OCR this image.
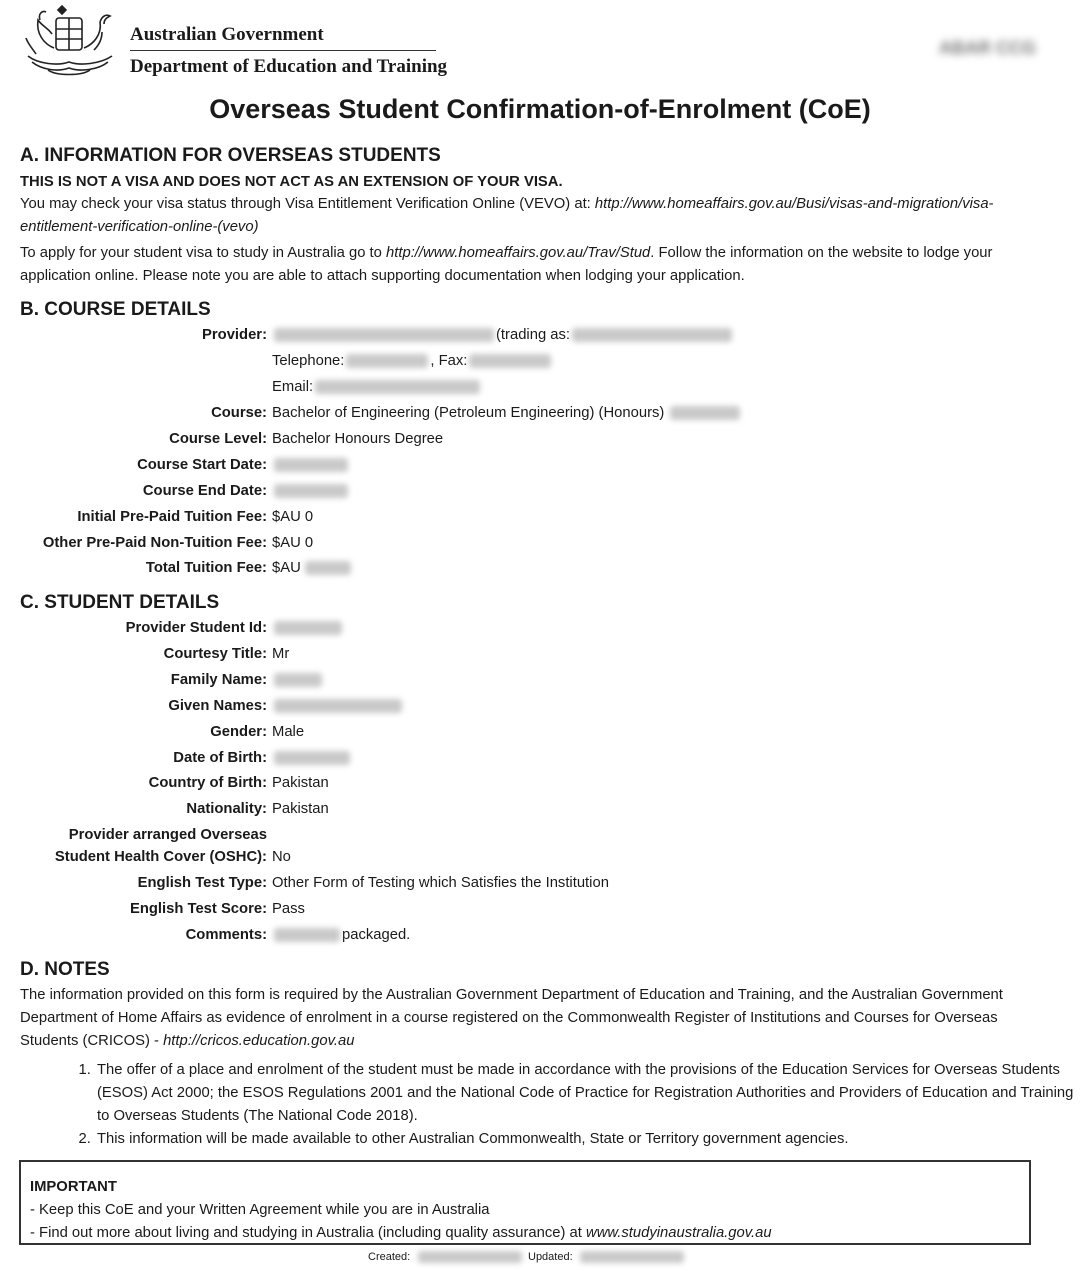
Australian Government
Department of Education and Training
ABAR CCG
Overseas Student Confirmation-of-Enrolment (CoE)
A. INFORMATION FOR OVERSEAS STUDENTS
THIS IS NOT A VISA AND DOES NOT ACT AS AN EXTENSION OF YOUR VISA.
You may check your visa status through Visa Entitlement Verification Online (VEVO) at: http://www.homeaffairs.gov.au/Busi/visas-and-migration/visa-entitlement-verification-online-(vevo)
To apply for your student visa to study in Australia go to http://www.homeaffairs.gov.au/Trav/Stud. Follow the information on the website to lodge your application online. Please note you are able to attach supporting documentation when lodging your application.
B. COURSE DETAILS
Provider:	(trading as:
Telephone:	, Fax:
Email:
Course: Bachelor of Engineering (Petroleum Engineering) (Honours)
Course Level: Bachelor Honours Degree
Course Start Date:
Course End Date:
Initial Pre-Paid Tuition Fee: $AU 0
Other Pre-Paid Non-Tuition Fee: $AU 0
Total Tuition Fee: $AU
C. STUDENT DETAILS
Provider Student Id:
Courtesy Title: Mr
Family Name:
Given Names:
Gender: Male
Date of Birth:
Country of Birth: Pakistan
Nationality: Pakistan
Provider arranged Overseas
Student Health Cover (OSHC): No
English Test Type: Other Form of Testing which Satisfies the Institution
English Test Score: Pass
Comments:	packaged.
D. NOTES
The information provided on this form is required by the Australian Government Department of Education and Training, and the Australian Government Department of Home Affairs as evidence of enrolment in a course registered on the Commonwealth Register of Institutions and Courses for Overseas Students (CRICOS) - http://cricos.education.gov.au
1. The offer of a place and enrolment of the student must be made in accordance with the provisions of the Education Services for Overseas Students (ESOS) Act 2000; the ESOS Regulations 2001 and the National Code of Practice for Registration Authorities and Providers of Education and Training to Overseas Students (The National Code 2018).
2. This information will be made available to other Australian Commonwealth, State or Territory government agencies.
IMPORTANT
- Keep this CoE and your Written Agreement while you are in Australia
- Find out more about living and studying in Australia (including quality assurance) at www.studyinaustralia.gov.au
Created:	Updated:
